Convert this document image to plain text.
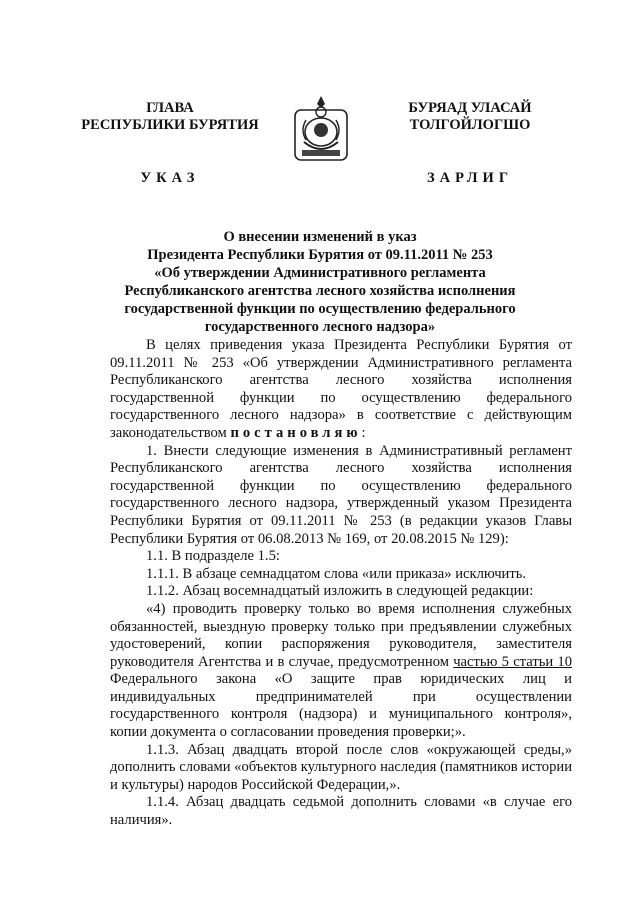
ГЛАВА
РЕСПУБЛИКИ БУРЯТИЯ
УКАЗ
БУРЯАД УЛАСАЙ
ТОЛГОЙЛОГШО
ЗАРЛИГ
О внесении изменений в указ
Президента Республики Бурятия от 09.11.2011 № 253
«Об утверждении Административного регламента
Республиканского агентства лесного хозяйства исполнения
государственной функции по осуществлению федерального
государственного лесного надзора»

В целях приведения указа Президента Республики Бурятия от 09.11.2011 № 253 «Об утверждении Административного регламента Республиканского агентства лесного хозяйства исполнения государственной функции по осуществлению федерального государственного лесного надзора» в соответствие с действующим законодательством постановляю:

1. Внести следующие изменения в Административный регламент Республиканского агентства лесного хозяйства исполнения государственной функции по осуществлению федерального государственного лесного надзора, утвержденный указом Президента Республики Бурятия от 09.11.2011 № 253 (в редакции указов Главы Республики Бурятия от 06.08.2013 № 169, от 20.08.2015 № 129):

1.1. В подразделе 1.5:

1.1.1. В абзаце семнадцатом слова «или приказа» исключить.

1.1.2. Абзац восемнадцатый изложить в следующей редакции:

«4) проводить проверку только во время исполнения служебных обязанностей, выездную проверку только при предъявлении служебных удостоверений, копии распоряжения руководителя, заместителя руководителя Агентства и в случае, предусмотренном частью 5 статьи 10 Федерального закона «О защите прав юридических лиц и индивидуальных предпринимателей при осуществлении государственного контроля (надзора) и муниципального контроля», копии документа о согласовании проведения проверки;».

1.1.3. Абзац двадцать второй после слов «окружающей среды,» дополнить словами «объектов культурного наследия (памятников истории и культуры) народов Российской Федерации,».

1.1.4. Абзац двадцать седьмой дополнить словами «в случае его наличия».
